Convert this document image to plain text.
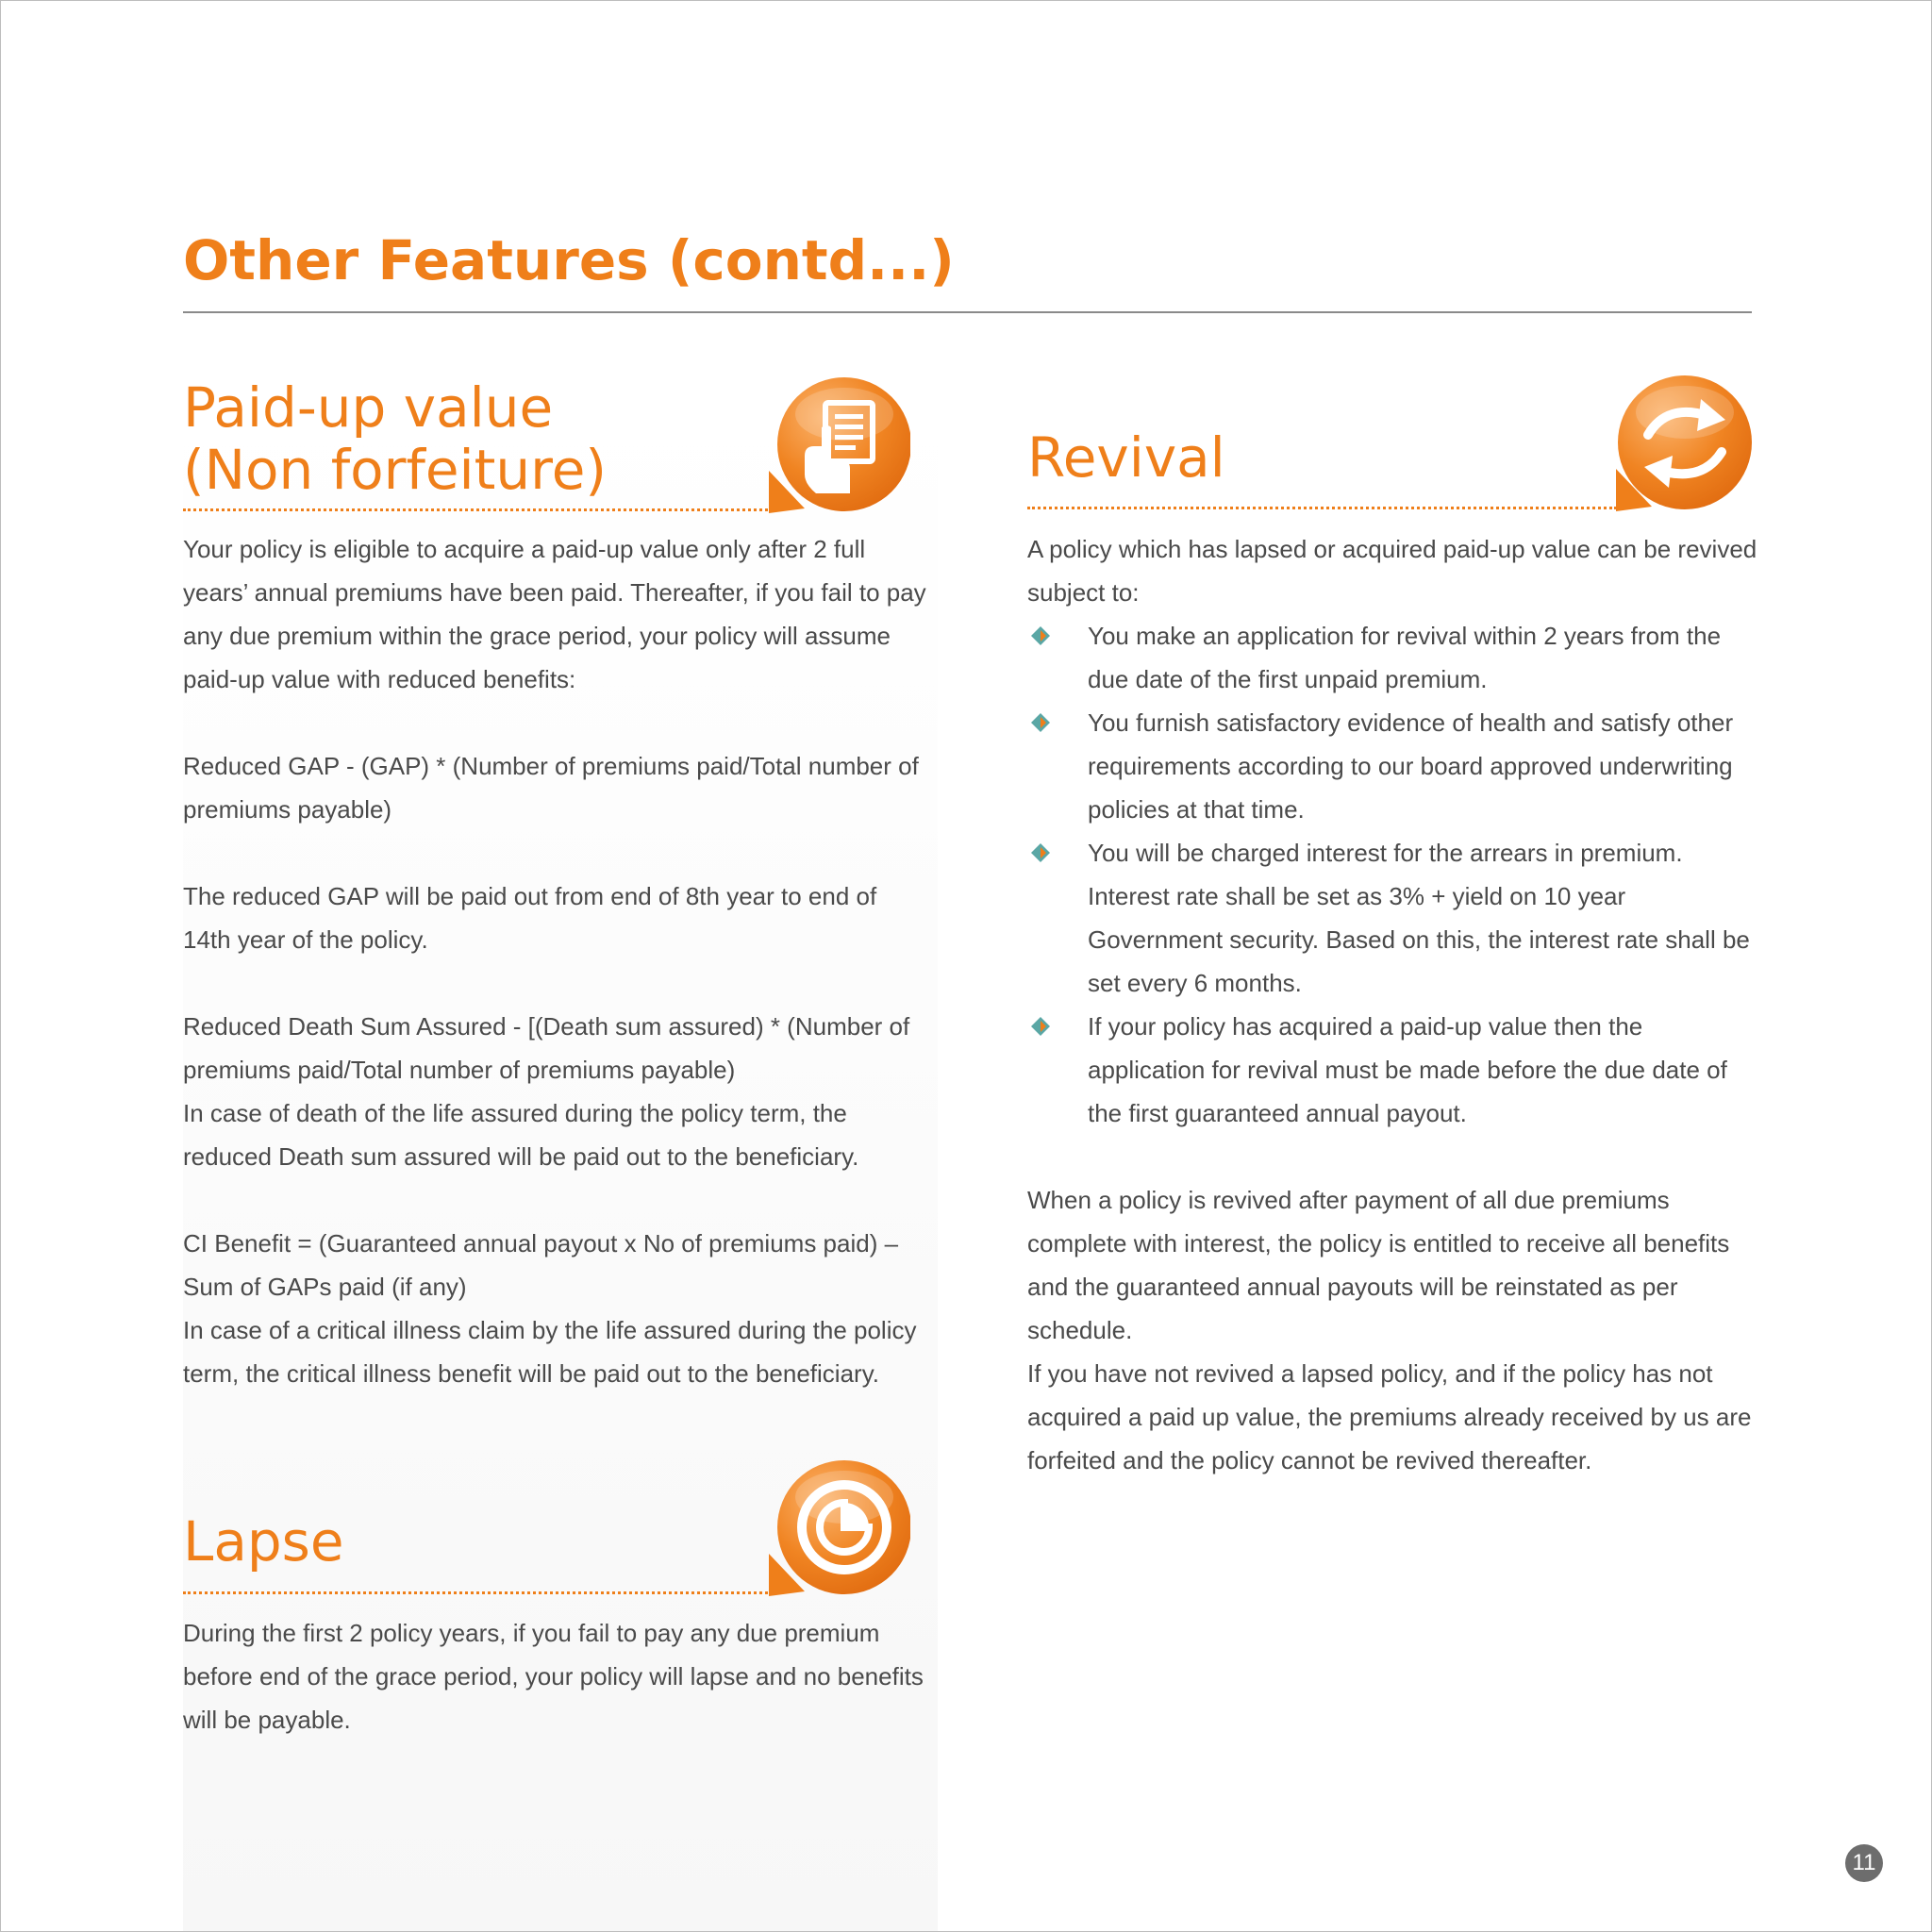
Other Features (contd...)
Paid-up value
(Non forfeiture)

Your policy is eligible to acquire a paid-up value only after 2 full years’ annual premiums have been paid. Thereafter, if you fail to pay any due premium within the grace period, your policy will assume paid-up value with reduced benefits:

Reduced GAP - (GAP) * (Number of premiums paid/Total number of premiums payable)

The reduced GAP will be paid out from end of 8th year to end of 14th year of the policy.

Reduced Death Sum Assured - [(Death sum assured) * (Number of premiums paid/Total number of premiums payable)

In case of death of the life assured during the policy term, the reduced Death sum assured will be paid out to the beneficiary.

CI Benefit = (Guaranteed annual payout x No of premiums paid) – Sum of GAPs paid (if any)

In case of a critical illness claim by the life assured during the policy term, the critical illness benefit will be paid out to the beneficiary.

Lapse

During the first 2 policy years, if you fail to pay any due premium before end of the grace period, your policy will lapse and no benefits will be payable.

Revival

A policy which has lapsed or acquired paid-up value can be revived subject to:

You make an application for revival within 2 years from the due date of the first unpaid premium.
You furnish satisfactory evidence of health and satisfy other requirements according to our board approved underwriting policies at that time.
You will be charged interest for the arrears in premium. Interest rate shall be set as 3% + yield on 10 year Government security. Based on this, the interest rate shall be set every 6 months.
If your policy has acquired a paid-up value then the application for revival must be made before the due date of the first guaranteed annual payout.

When a policy is revived after payment of all due premiums complete with interest, the policy is entitled to receive all benefits and the guaranteed annual payouts will be reinstated as per schedule.

If you have not revived a lapsed policy, and if the policy has not acquired a paid up value, the premiums already received by us are forfeited and the policy cannot be revived thereafter.

11
